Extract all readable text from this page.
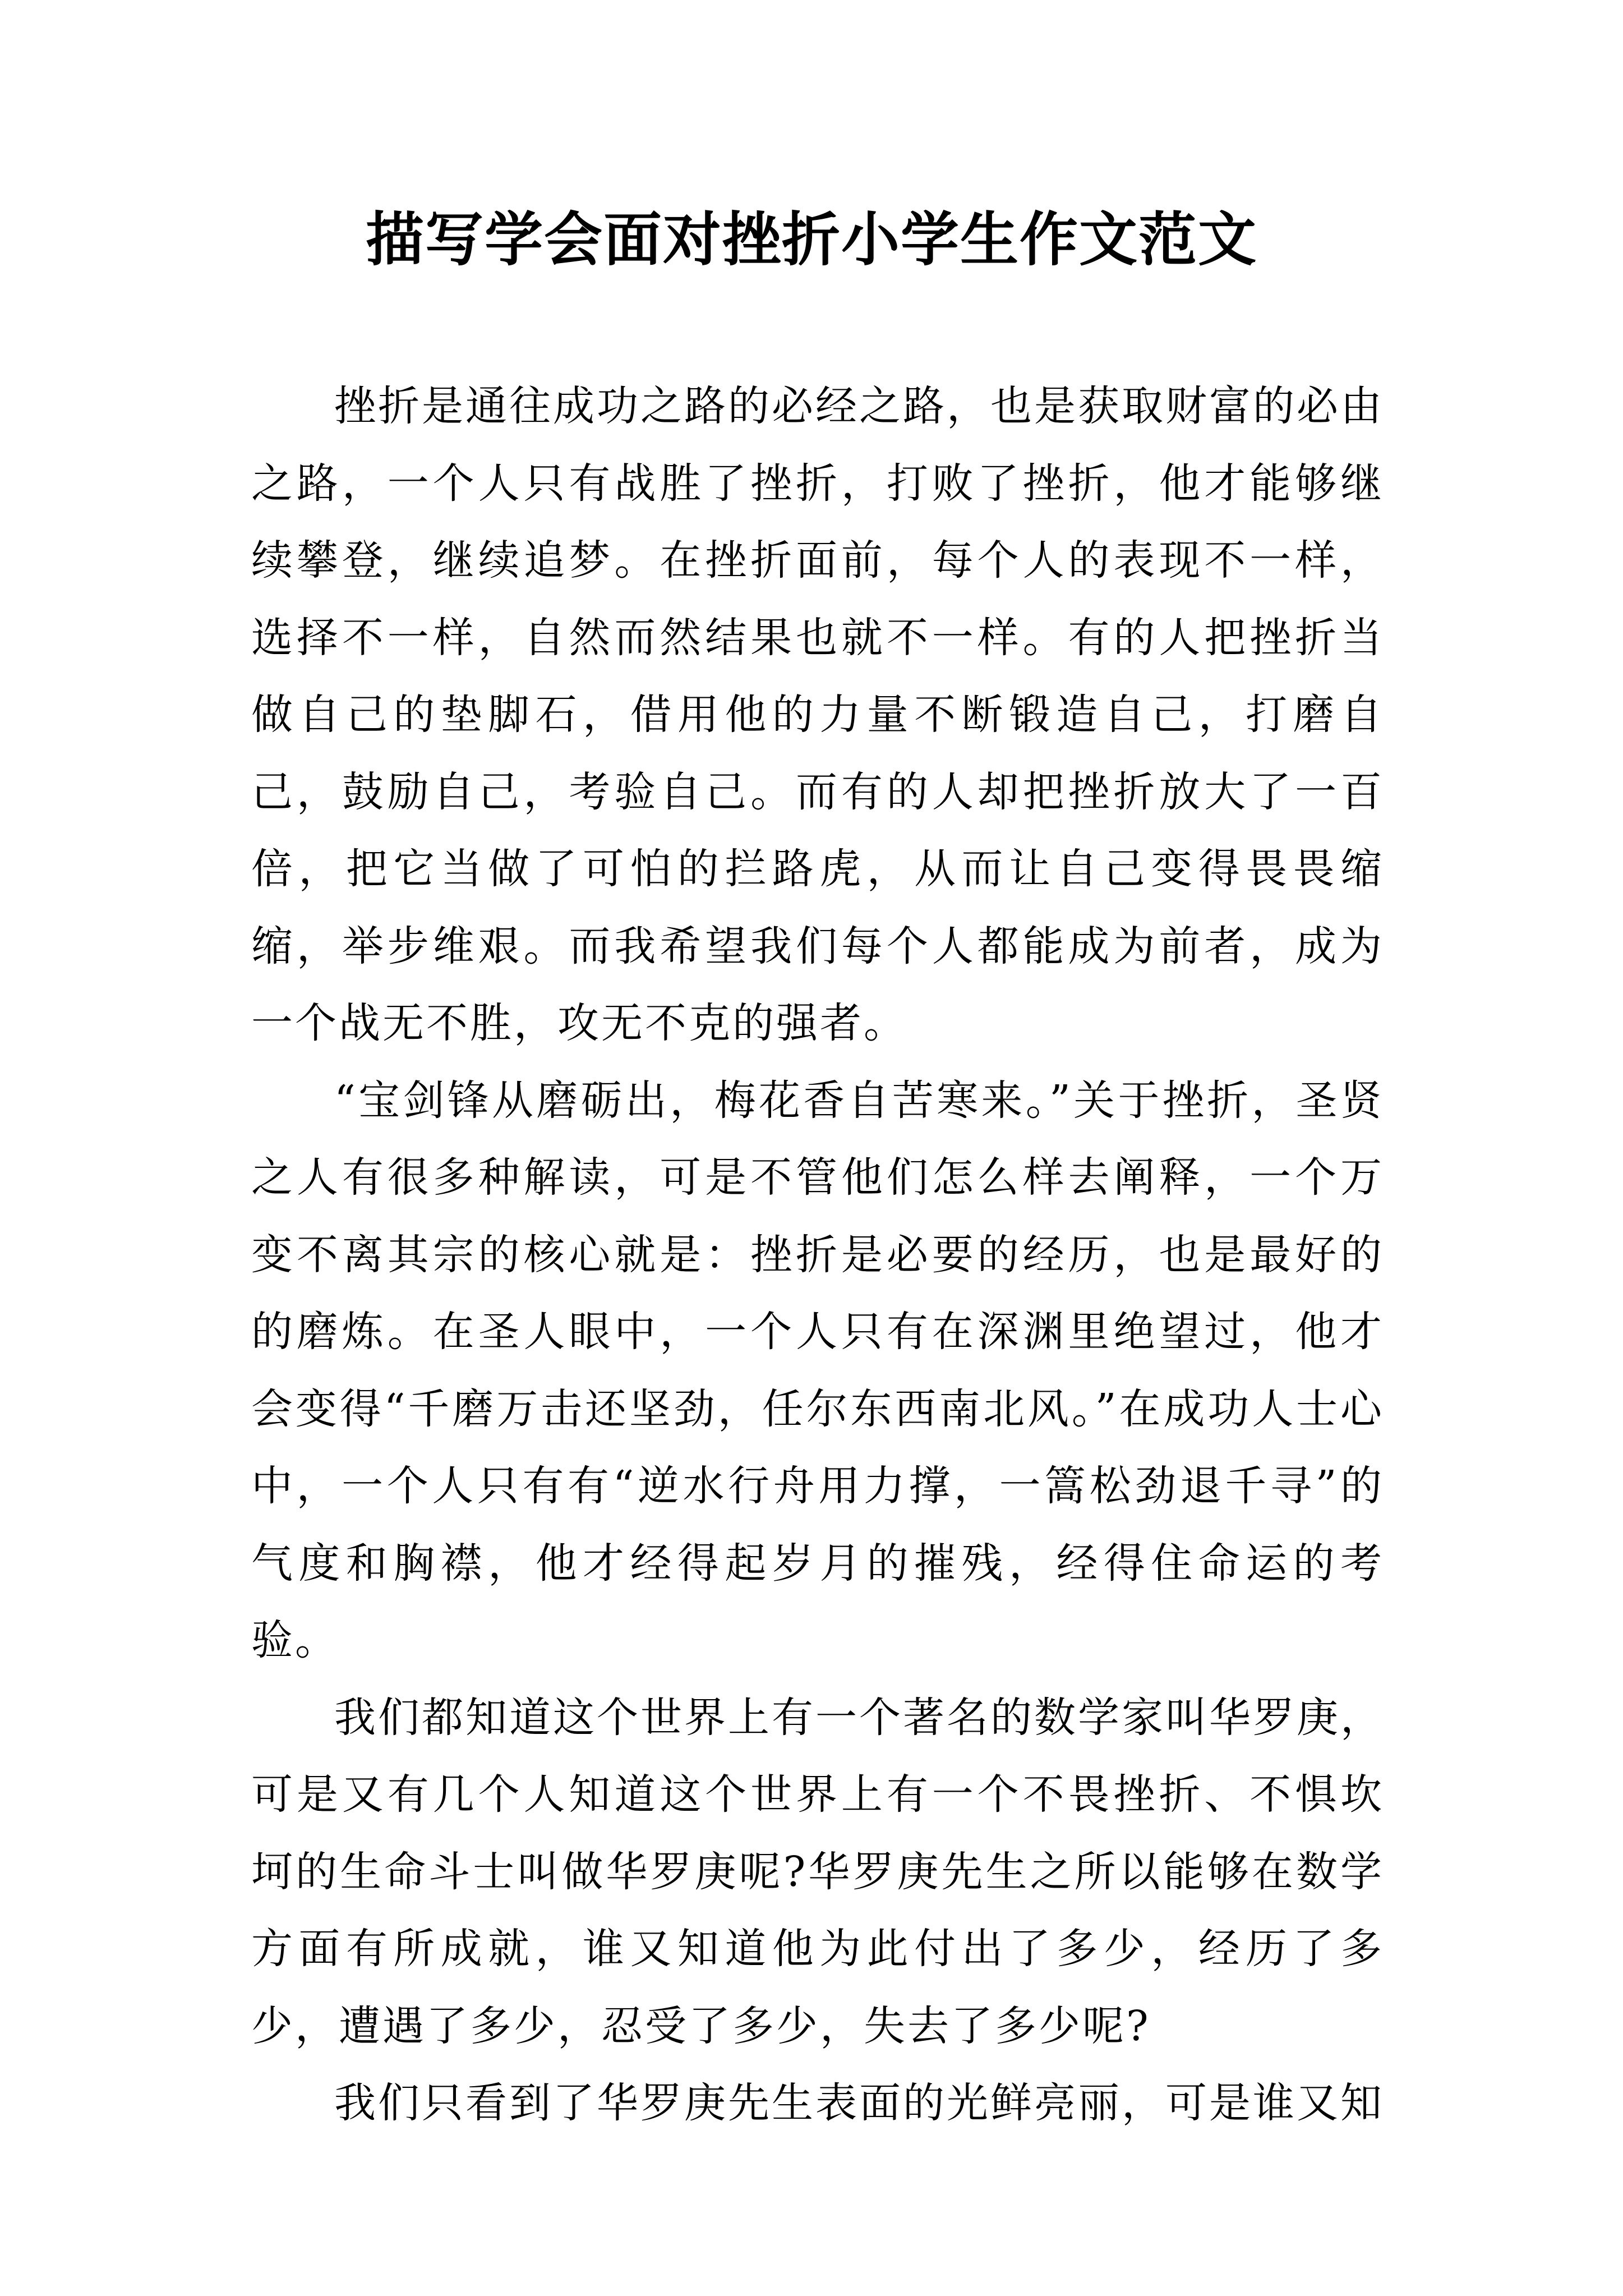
描写学会面对挫折小学生作文范文

挫折是通往成功之路的必经之路，也是获取财富的必由之路，一个人只有战胜了挫折，打败了挫折，他才能够继续攀登，继续追梦。在挫折面前，每个人的表现不一样，选择不一样，自然而然结果也就不一样。有的人把挫折当做自己的垫脚石，借用他的力量不断锻造自己，打磨自己，鼓励自己，考验自己。而有的人却把挫折放大了一百倍，把它当做了可怕的拦路虎，从而让自己变得畏畏缩缩，举步维艰。而我希望我们每个人都能成为前者，成为一个战无不胜，攻无不克的强者。

“宝剑锋从磨砺出，梅花香自苦寒来。”关于挫折，圣贤之人有很多种解读，可是不管他们怎么样去阐释，一个万变不离其宗的核心就是：挫折是必要的经历，也是最好的的磨炼。在圣人眼中，一个人只有在深渊里绝望过，他才会变得“千磨万击还坚劲，任尔东西南北风。”在成功人士心中，一个人只有有“逆水行舟用力撑，一篙松劲退千寻”的气度和胸襟，他才经得起岁月的摧残，经得住命运的考验。

我们都知道这个世界上有一个著名的数学家叫华罗庚，可是又有几个人知道这个世界上有一个不畏挫折、不惧坎坷的生命斗士叫做华罗庚呢?华罗庚先生之所以能够在数学方面有所成就，谁又知道他为此付出了多少，经历了多少，遭遇了多少，忍受了多少，失去了多少呢?

我们只看到了华罗庚先生表面的光鲜亮丽，可是谁又知
